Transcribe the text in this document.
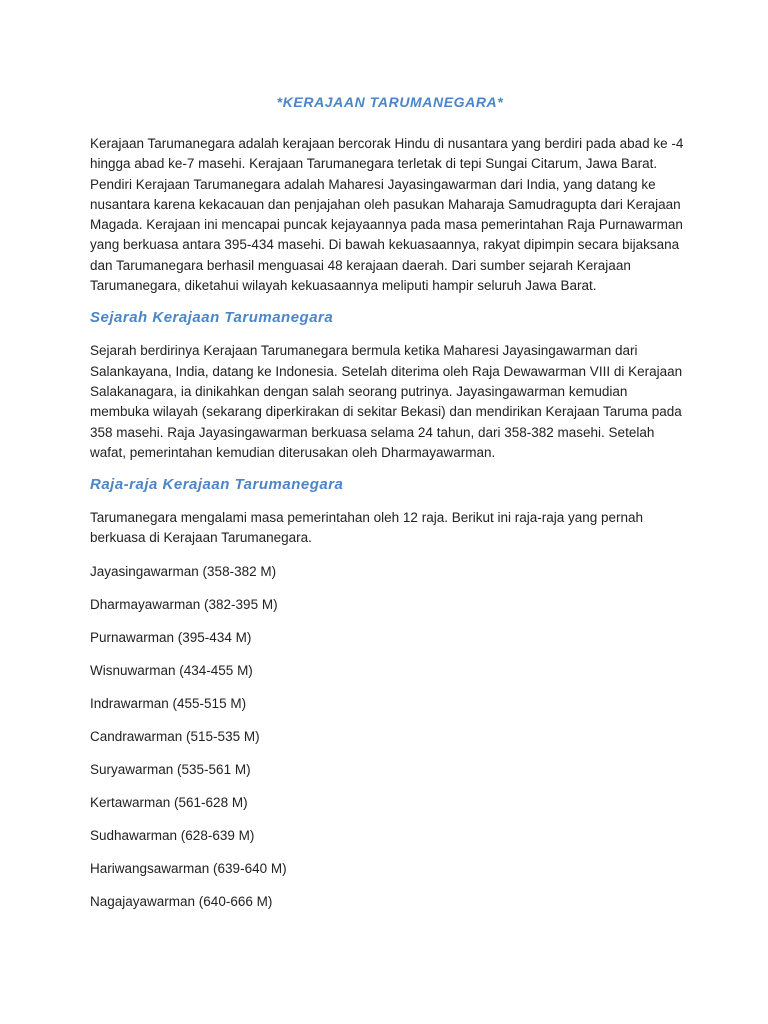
*KERAJAAN TARUMANEGARA*

Kerajaan Tarumanegara adalah kerajaan bercorak Hindu di nusantara yang berdiri pada abad ke -4 hingga abad ke-7 masehi. Kerajaan Tarumanegara terletak di tepi Sungai Citarum, Jawa Barat. Pendiri Kerajaan Tarumanegara adalah Maharesi Jayasingawarman dari India, yang datang ke nusantara karena kekacauan dan penjajahan oleh pasukan Maharaja Samudragupta dari Kerajaan Magada. Kerajaan ini mencapai puncak kejayaannya pada masa pemerintahan Raja Purnawarman yang berkuasa antara 395-434 masehi. Di bawah kekuasaannya, rakyat dipimpin secara bijaksana dan Tarumanegara berhasil menguasai 48 kerajaan daerah. Dari sumber sejarah Kerajaan Tarumanegara, diketahui wilayah kekuasaannya meliputi hampir seluruh Jawa Barat.

Sejarah Kerajaan Tarumanegara

Sejarah berdirinya Kerajaan Tarumanegara bermula ketika Maharesi Jayasingawarman dari Salankayana, India, datang ke Indonesia. Setelah diterima oleh Raja Dewawarman VIII di Kerajaan Salakanagara, ia dinikahkan dengan salah seorang putrinya. Jayasingawarman kemudian membuka wilayah (sekarang diperkirakan di sekitar Bekasi) dan mendirikan Kerajaan Taruma pada 358 masehi. Raja Jayasingawarman berkuasa selama 24 tahun, dari 358-382 masehi. Setelah wafat, pemerintahan kemudian diterusakan oleh Dharmayawarman.

Raja-raja Kerajaan Tarumanegara

Tarumanegara mengalami masa pemerintahan oleh 12 raja. Berikut ini raja-raja yang pernah berkuasa di Kerajaan Tarumanegara.

Jayasingawarman (358-382 M)
Dharmayawarman (382-395 M)
Purnawarman (395-434 M)
Wisnuwarman (434-455 M)
Indrawarman (455-515 M)
Candrawarman (515-535 M)
Suryawarman (535-561 M)
Kertawarman (561-628 M)
Sudhawarman (628-639 M)
Hariwangsawarman (639-640 M)
Nagajayawarman (640-666 M)
